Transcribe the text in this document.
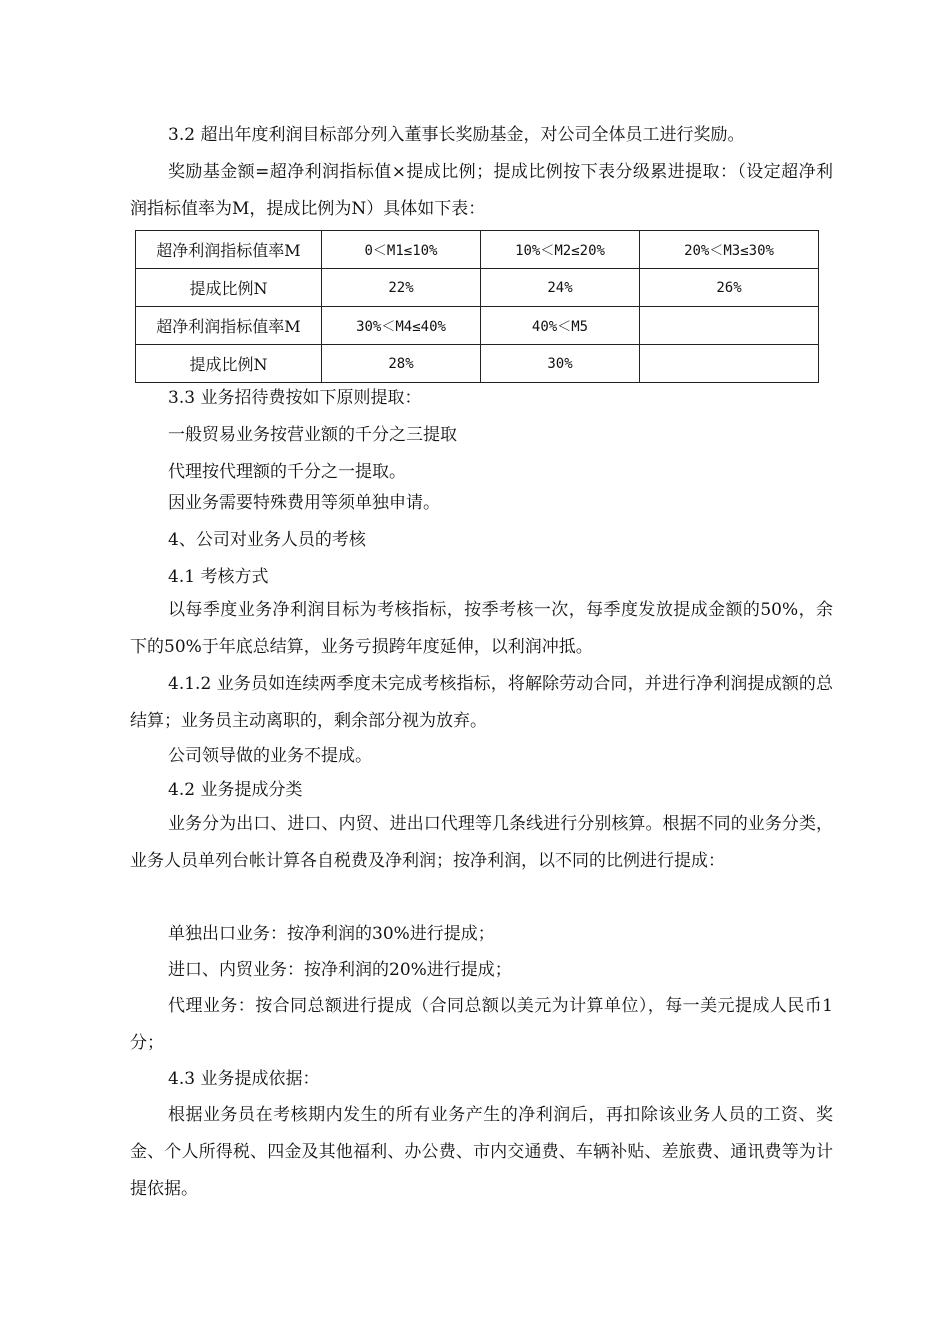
3.2 超出年度利润目标部分列入董事长奖励基金，对公司全体员工进行奖励。

奖励基金额=超净利润指标值×提成比例；提成比例按下表分级累进提取：（设定超净利润指标值率为M，提成比例为N）具体如下表：

超净利润指标值率M	0＜M1≤10%	10%＜M2≤20%	20%＜M3≤30%
提成比例N	22%	24%	26%
超净利润指标值率M	30%＜M4≤40%	40%＜M5	
提成比例N	28%	30%	

3.3 业务招待费按如下原则提取：

一般贸易业务按营业额的千分之三提取

代理按代理额的千分之一提取。

因业务需要特殊费用等须单独申请。

4、公司对业务人员的考核

4.1 考核方式

以每季度业务净利润目标为考核指标，按季考核一次，每季度发放提成金额的50%，余下的50%于年底总结算，业务亏损跨年度延伸，以利润冲抵。

4.1.2 业务员如连续两季度未完成考核指标，将解除劳动合同，并进行净利润提成额的总结算；业务员主动离职的，剩余部分视为放弃。

公司领导做的业务不提成。

4.2 业务提成分类

业务分为出口、进口、内贸、进出口代理等几条线进行分别核算。根据不同的业务分类，业务人员单列台帐计算各自税费及净利润；按净利润，以不同的比例进行提成：

单独出口业务：按净利润的30%进行提成；

进口、内贸业务：按净利润的20%进行提成；

代理业务：按合同总额进行提成（合同总额以美元为计算单位），每一美元提成人民币1分；

4.3 业务提成依据：

根据业务员在考核期内发生的所有业务产生的净利润后，再扣除该业务人员的工资、奖金、个人所得税、四金及其他福利、办公费、市内交通费、车辆补贴、差旅费、通讯费等为计提依据。
